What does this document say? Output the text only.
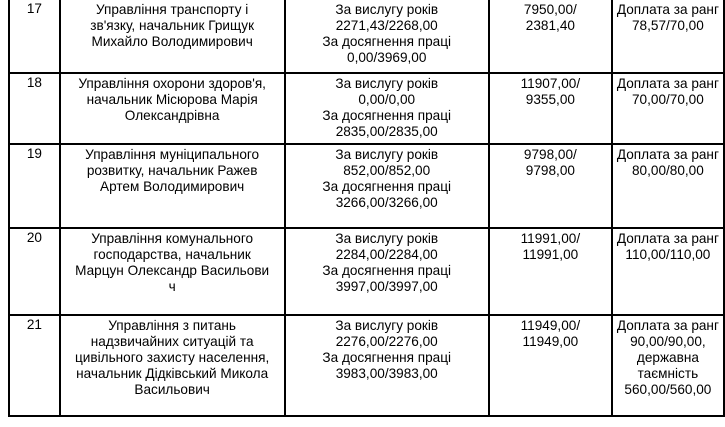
17	Управління транспорту і
зв'язку, начальник Грищук
Михайло Володимирович	За вислугу років
2271,43/2268,00
За досягнення праці
0,00/3969,00	7950,00/
2381,40	Доплата за ранг
78,57/70,00

18	Управління охорони здоров'я,
начальник Місюрова Марія
Олександрівна	За вислугу років
0,00/0,00
За досягнення праці
2835,00/2835,00	11907,00/
9355,00	Доплата за ранг
70,00/70,00

19	Управління муніципального
розвитку, начальник Ражев
Артем Володимирович	За вислугу років
852,00/852,00
За досягнення праці
3266,00/3266,00	9798,00/
9798,00	Доплата за ранг
80,00/80,00

20	Управління комунального
господарства, начальник
Марцун Олександр Васильови
ч	За вислугу років
2284,00/2284,00
За досягнення праці
3997,00/3997,00	11991,00/
11991,00	Доплата за ранг
110,00/110,00

21	Управління з питань
надзвичайних ситуацій та
цивільного захисту населення,
начальник Дідківський Микола
Васильович	За вислугу років
2276,00/2276,00
За досягнення праці
3983,00/3983,00	11949,00/
11949,00	Доплата за ранг
90,00/90,00,
державна
таємність
560,00/560,00
